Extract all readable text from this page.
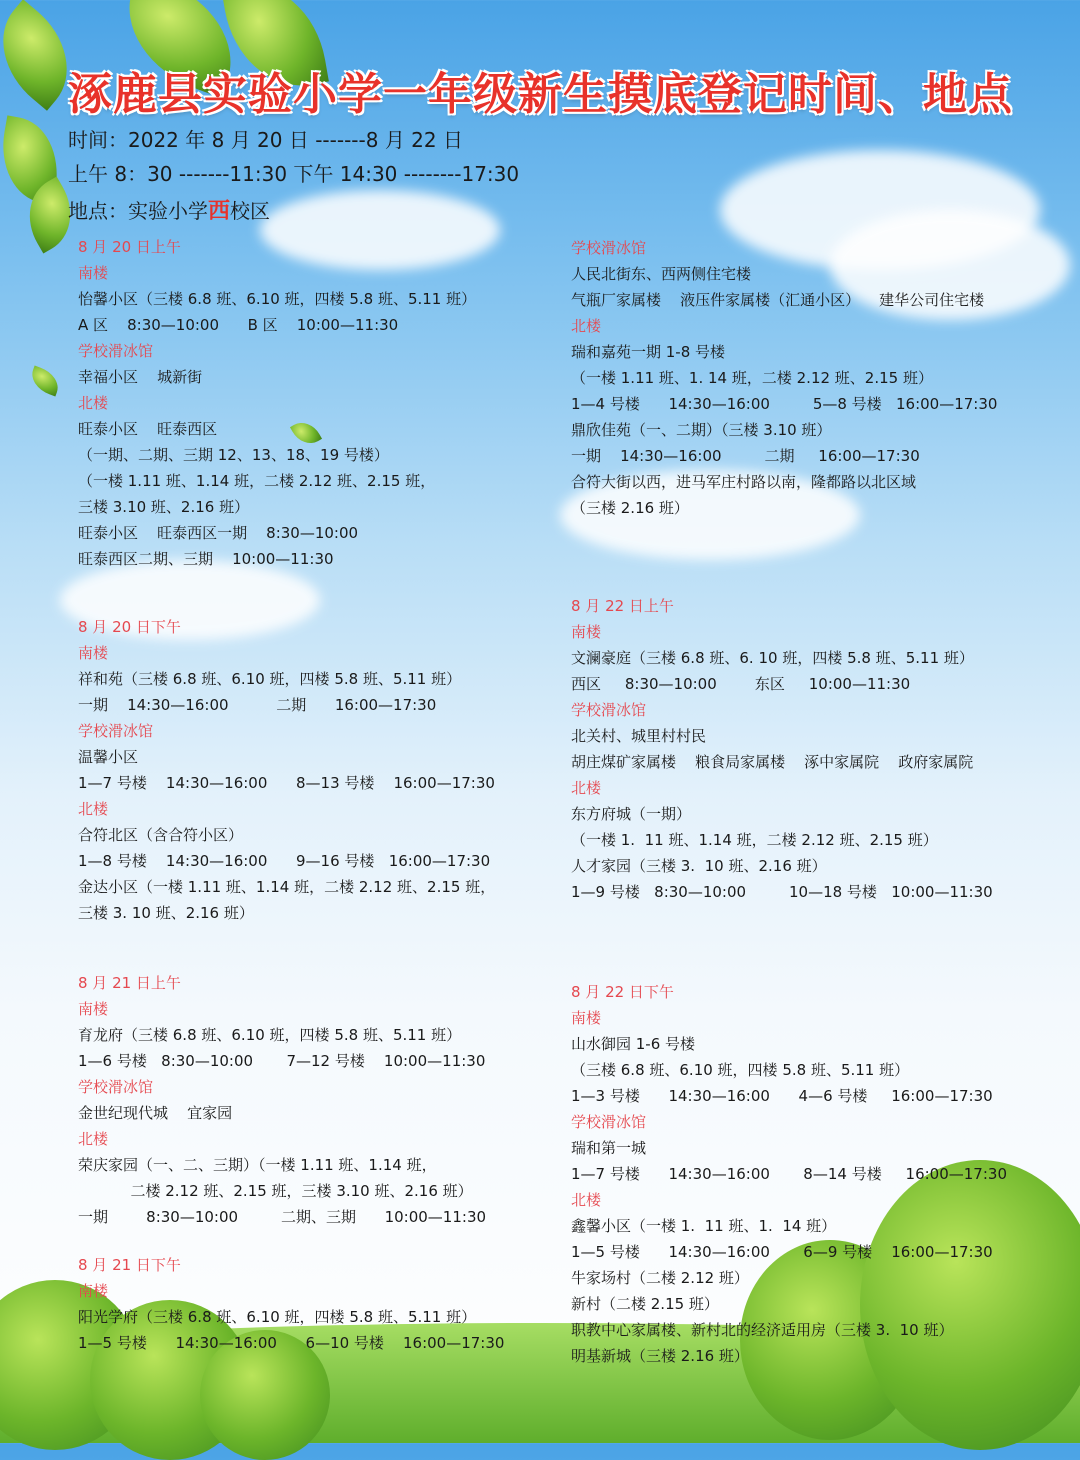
涿鹿县实验小学一年级新生摸底登记时间、地点
时间：2022 年 8 月 20 日 -------8 月 22 日
上午 8：30 -------11:30 下午 14:30 --------17:30
地点：实验小学西校区
8 月 20 日上午
南楼
怡馨小区（三楼 6.8 班、6.10 班，四楼 5.8 班、5.11 班）
A 区    8:30—10:00      B 区    10:00—11:30
学校滑冰馆
幸福小区    城新街
北楼
旺泰小区    旺泰西区
（一期、二期、三期 12、13、18、19 号楼）
（一楼 1.11 班、1.14 班，二楼 2.12 班、2.15 班，
三楼 3.10 班、2.16 班）
旺泰小区    旺泰西区一期    8:30—10:00
旺泰西区二期、三期    10:00—11:30
8 月 20 日下午
南楼
祥和苑（三楼 6.8 班、6.10 班，四楼 5.8 班、5.11 班）
一期    14:30—16:00          二期      16:00—17:30
学校滑冰馆
温馨小区
1—7 号楼    14:30—16:00      8—13 号楼    16:00—17:30
北楼
合符北区（含合符小区）
1—8 号楼    14:30—16:00      9—16 号楼   16:00—17:30
金达小区（一楼 1.11 班、1.14 班，二楼 2.12 班、2.15 班，
三楼 3. 10 班、2.16 班）
8 月 21 日上午
南楼
育龙府（三楼 6.8 班、6.10 班，四楼 5.8 班、5.11 班）
1—6 号楼   8:30—10:00       7—12 号楼    10:00—11:30
学校滑冰馆
金世纪现代城    宜家园
北楼
荣庆家园（一、二、三期）（一楼 1.11 班、1.14 班，
二楼 2.12 班、2.15 班，三楼 3.10 班、2.16 班）
一期        8:30—10:00         二期、三期      10:00—11:30
8 月 21 日下午
南楼
阳光学府（三楼 6.8 班、6.10 班，四楼 5.8 班、5.11 班）
1—5 号楼      14:30—16:00      6—10 号楼    16:00—17:30
学校滑冰馆
人民北街东、西两侧住宅楼
气瓶厂家属楼    液压件家属楼（汇通小区）    建华公司住宅楼
北楼
瑞和嘉苑一期 1-8 号楼
（一楼 1.11 班、1. 14 班，二楼 2.12 班、2.15 班）
1—4 号楼      14:30—16:00         5—8 号楼   16:00—17:30
鼎欣佳苑（一、二期）（三楼 3.10 班）
一期    14:30—16:00         二期     16:00—17:30
合符大街以西，进马军庄村路以南，隆都路以北区域
（三楼 2.16 班）
8 月 22 日上午
南楼
文澜豪庭（三楼 6.8 班、6. 10 班，四楼 5.8 班、5.11 班）
西区     8:30—10:00        东区     10:00—11:30
学校滑冰馆
北关村、城里村村民
胡庄煤矿家属楼    粮食局家属楼    涿中家属院    政府家属院
北楼
东方府城（一期）
（一楼 1.  11 班、1.14 班，二楼 2.12 班、2.15 班）
人才家园（三楼 3.  10 班、2.16 班）
1—9 号楼   8:30—10:00         10—18 号楼   10:00—11:30
8 月 22 日下午
南楼
山水御园 1-6 号楼
（三楼 6.8 班、6.10 班，四楼 5.8 班、5.11 班）
1—3 号楼      14:30—16:00      4—6 号楼     16:00—17:30
学校滑冰馆
瑞和第一城
1—7 号楼      14:30—16:00       8—14 号楼     16:00—17:30
北楼
鑫馨小区（一楼 1.  11 班、1.  14 班）
1—5 号楼      14:30—16:00       6—9 号楼    16:00—17:30
牛家场村（二楼 2.12 班）
新村（二楼 2.15 班）
职教中心家属楼、新村北的经济适用房（三楼 3.  10 班）
明基新城（三楼 2.16 班）
